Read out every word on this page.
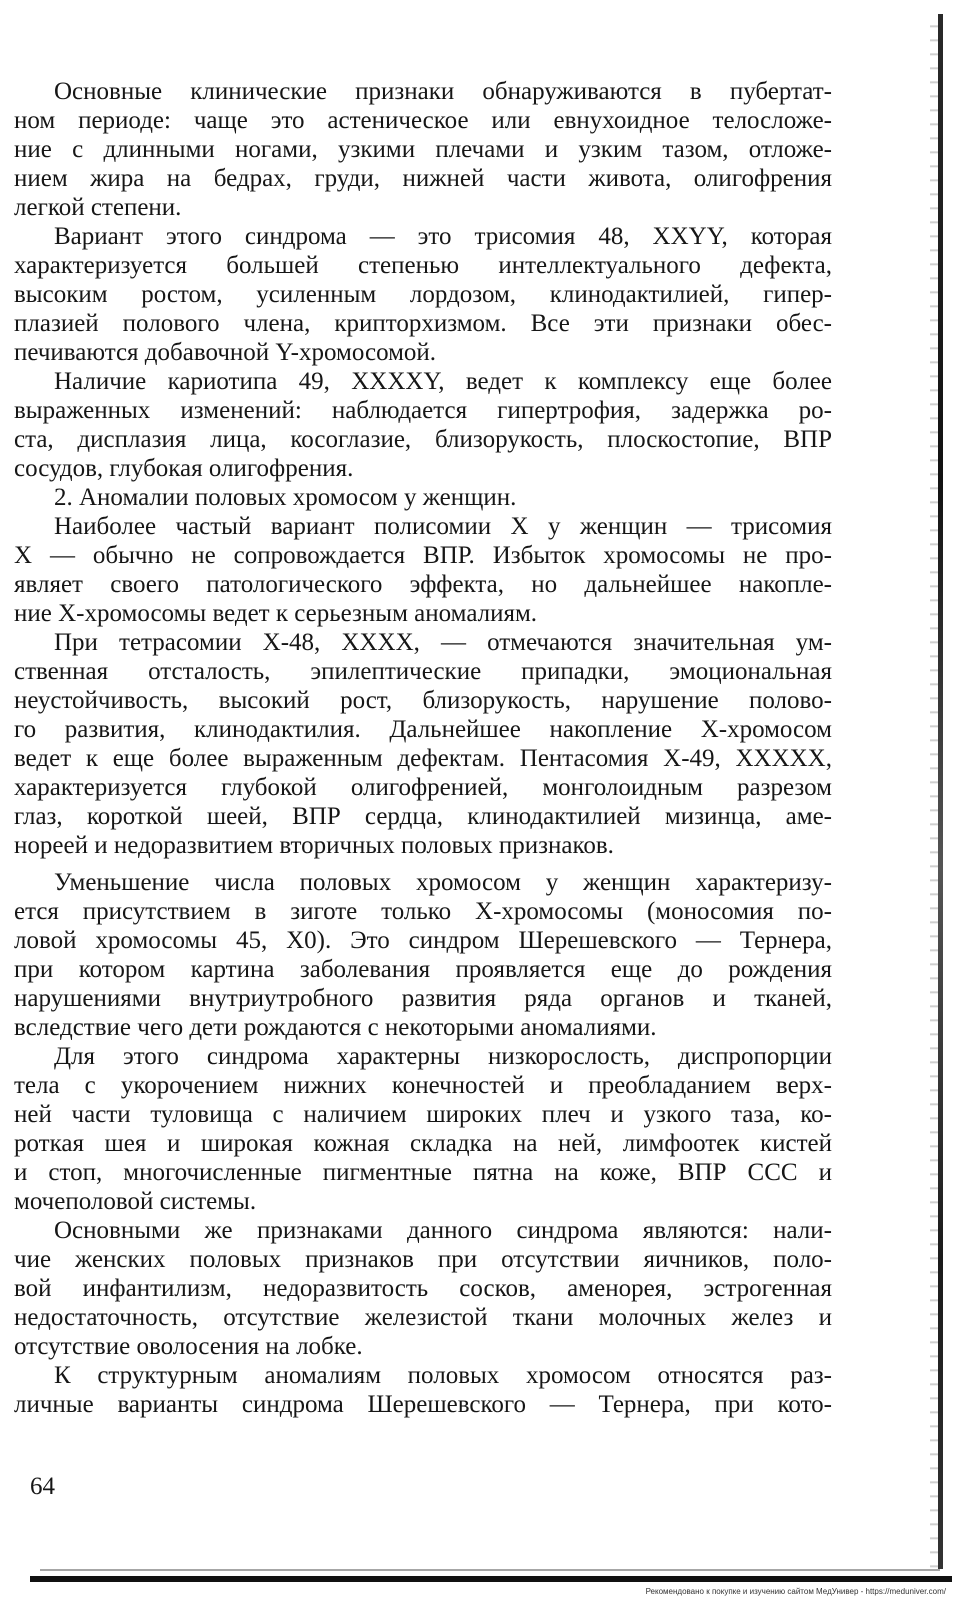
Основные клинические признаки обнаруживаются в пубертат-
ном периоде: чаще это астеническое или евнухоидное телосложе-
ние с длинными ногами, узкими плечами и узким тазом, отложе-
нием жира на бедрах, груди, нижней части живота, олигофрения
легкой степени.
Вариант этого синдрома — это трисомия 48, XXYY, которая
характеризуется большей степенью интеллектуального дефекта,
высоким ростом, усиленным лордозом, клинодактилией, гипер-
плазией полового члена, крипторхизмом. Все эти признаки обес-
печиваются добавочной Y-хромосомой.
Наличие кариотипа 49, XXXXY, ведет к комплексу еще более
выраженных изменений: наблюдается гипертрофия, задержка ро-
ста, дисплазия лица, косоглазие, близорукость, плоскостопие, ВПР
сосудов, глубокая олигофрения.
2. Аномалии половых хромосом у женщин.
Наиболее частый вариант полисомии X у женщин — трисомия
X — обычно не сопровождается ВПР. Избыток хромосомы не про-
являет своего патологического эффекта, но дальнейшее накопле-
ние X-хромосомы ведет к серьезным аномалиям.
При тетрасомии X-48, XXXX, — отмечаются значительная ум-
ственная отсталость, эпилептические припадки, эмоциональная
неустойчивость, высокий рост, близорукость, нарушение полово-
го развития, клинодактилия. Дальнейшее накопление X-хромосом
ведет к еще более выраженным дефектам. Пентасомия X-49, XXXXX,
характеризуется глубокой олигофренией, монголоидным разрезом
глаз, короткой шеей, ВПР сердца, клинодактилией мизинца, аме-
нореей и недоразвитием вторичных половых признаков.
Уменьшение числа половых хромосом у женщин характеризу-
ется присутствием в зиготе только X-хромосомы (моносомия по-
ловой хромосомы 45, X0). Это синдром Шерешевского — Тернера,
при котором картина заболевания проявляется еще до рождения
нарушениями внутриутробного развития ряда органов и тканей,
вследствие чего дети рождаются с некоторыми аномалиями.
Для этого синдрома характерны низкорослость, диспропорции
тела с укорочением нижних конечностей и преобладанием верх-
ней части туловища с наличием широких плеч и узкого таза, ко-
роткая шея и широкая кожная складка на ней, лимфоотек кистей
и стоп, многочисленные пигментные пятна на коже, ВПР ССС и
мочеполовой системы.
Основными же признаками данного синдрома являются: нали-
чие женских половых признаков при отсутствии яичников, поло-
вой инфантилизм, недоразвитость сосков, аменорея, эстрогенная
недостаточность, отсутствие железистой ткани молочных желез и
отсутствие оволосения на лобке.
К структурным аномалиям половых хромосом относятся раз-
личные варианты синдрома Шерешевского — Тернера, при кото-
64
Рекомендовано к покупке и изучению сайтом МедУнивер - https://meduniver.com/
